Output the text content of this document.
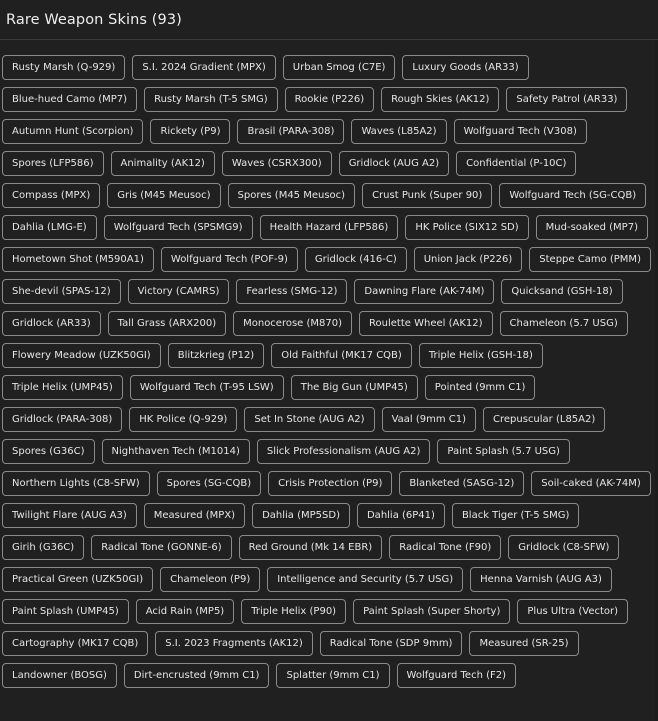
Rare Weapon Skins (93)
Rusty Marsh (Q-929)	S.I. 2024 Gradient (MPX)	Urban Smog (C7E)	Luxury Goods (AR33)
Blue-hued Camo (MP7)	Rusty Marsh (T-5 SMG)	Rookie (P226)	Rough Skies (AK12)	Safety Patrol (AR33)
Autumn Hunt (Scorpion)	Rickety (P9)	Brasil (PARA-308)	Waves (L85A2)	Wolfguard Tech (V308)
Spores (LFP586)	Animality (AK12)	Waves (CSRX300)	Gridlock (AUG A2)	Confidential (P-10C)
Compass (MPX)	Gris (M45 Meusoc)	Spores (M45 Meusoc)	Crust Punk (Super 90)	Wolfguard Tech (SG-CQB)
Dahlia (LMG-E)	Wolfguard Tech (SPSMG9)	Health Hazard (LFP586)	HK Police (SIX12 SD)	Mud-soaked (MP7)
Hometown Shot (M590A1)	Wolfguard Tech (POF-9)	Gridlock (416-C)	Union Jack (P226)	Steppe Camo (PMM)
She-devil (SPAS-12)	Victory (CAMRS)	Fearless (SMG-12)	Dawning Flare (AK-74M)	Quicksand (GSH-18)
Gridlock (AR33)	Tall Grass (ARX200)	Monocerose (M870)	Roulette Wheel (AK12)	Chameleon (5.7 USG)
Flowery Meadow (UZK50GI)	Blitzkrieg (P12)	Old Faithful (MK17 CQB)	Triple Helix (GSH-18)
Triple Helix (UMP45)	Wolfguard Tech (T-95 LSW)	The Big Gun (UMP45)	Pointed (9mm C1)
Gridlock (PARA-308)	HK Police (Q-929)	Set In Stone (AUG A2)	Vaal (9mm C1)	Crepuscular (L85A2)
Spores (G36C)	Nighthaven Tech (M1014)	Slick Professionalism (AUG A2)	Paint Splash (5.7 USG)
Northern Lights (C8-SFW)	Spores (SG-CQB)	Crisis Protection (P9)	Blanketed (SASG-12)	Soil-caked (AK-74M)
Twilight Flare (AUG A3)	Measured (MPX)	Dahlia (MP5SD)	Dahlia (6P41)	Black Tiger (T-5 SMG)
Girih (G36C)	Radical Tone (GONNE-6)	Red Ground (Mk 14 EBR)	Radical Tone (F90)	Gridlock (C8-SFW)
Practical Green (UZK50GI)	Chameleon (P9)	Intelligence and Security (5.7 USG)	Henna Varnish (AUG A3)
Paint Splash (UMP45)	Acid Rain (MP5)	Triple Helix (P90)	Paint Splash (Super Shorty)	Plus Ultra (Vector)
Cartography (MK17 CQB)	S.I. 2023 Fragments (AK12)	Radical Tone (SDP 9mm)	Measured (SR-25)
Landowner (BOSG)	Dirt-encrusted (9mm C1)	Splatter (9mm C1)	Wolfguard Tech (F2)
